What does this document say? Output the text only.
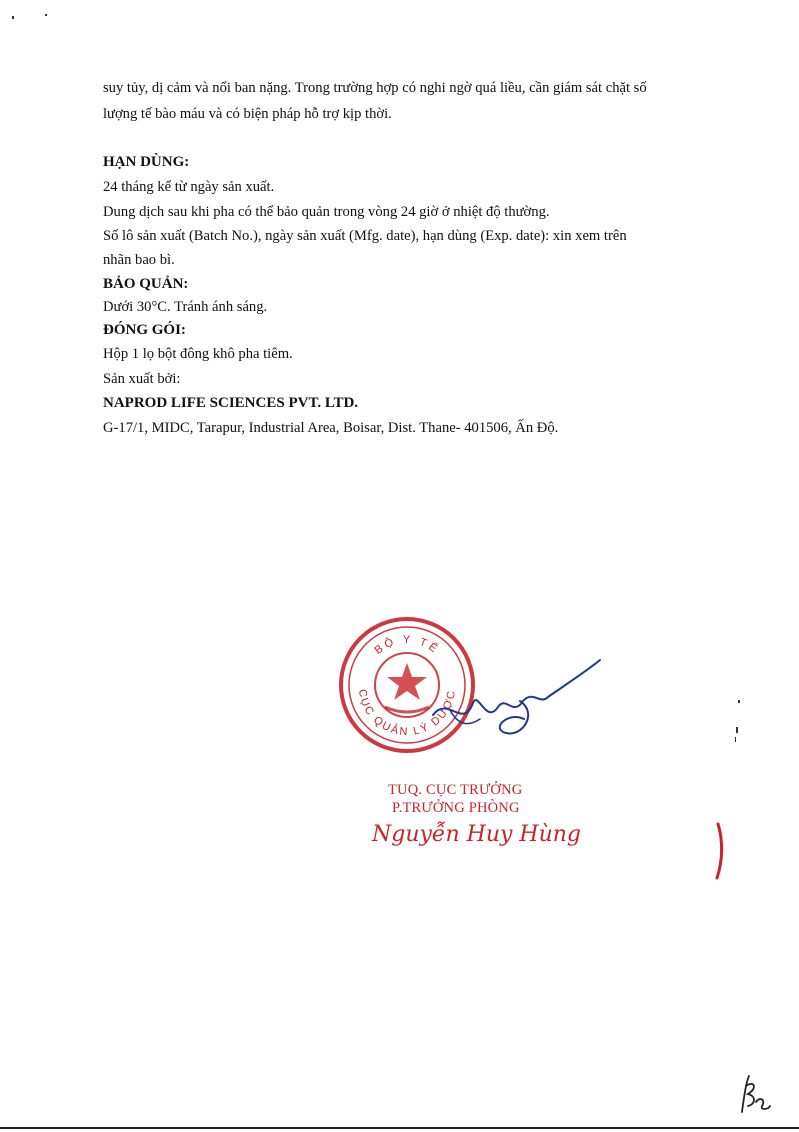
suy tủy, dị cảm và nổi ban nặng. Trong trường hợp có nghi ngờ quá liều, cần giám sát chặt số
lượng tế bào máu và có biện pháp hỗ trợ kịp thời.
HẠN DÙNG:
24 tháng kể từ ngày sản xuất.
Dung dịch sau khi pha có thể bảo quản trong vòng 24 giờ ở nhiệt độ thường.
Số lô sản xuất (Batch No.), ngày sản xuất (Mfg. date), hạn dùng (Exp. date): xin xem trên
nhãn bao bì.
BẢO QUẢN:
Dưới 30°C. Tránh ánh sáng.
ĐÓNG GÓI:
Hộp 1 lọ bột đông khô pha tiêm.
Sản xuất bởi:
NAPROD LIFE SCIENCES PVT. LTD.
G-17/1, MIDC, Tarapur, Industrial Area, Boisar, Dist. Thane- 401506, Ấn Độ.
BỘ Y TẾ
CỤC QUẢN LÝ DƯỢC
TUQ. CỤC TRƯỞNG
P.TRƯỞNG PHÒNG
Nguyễn Huy Hùng
